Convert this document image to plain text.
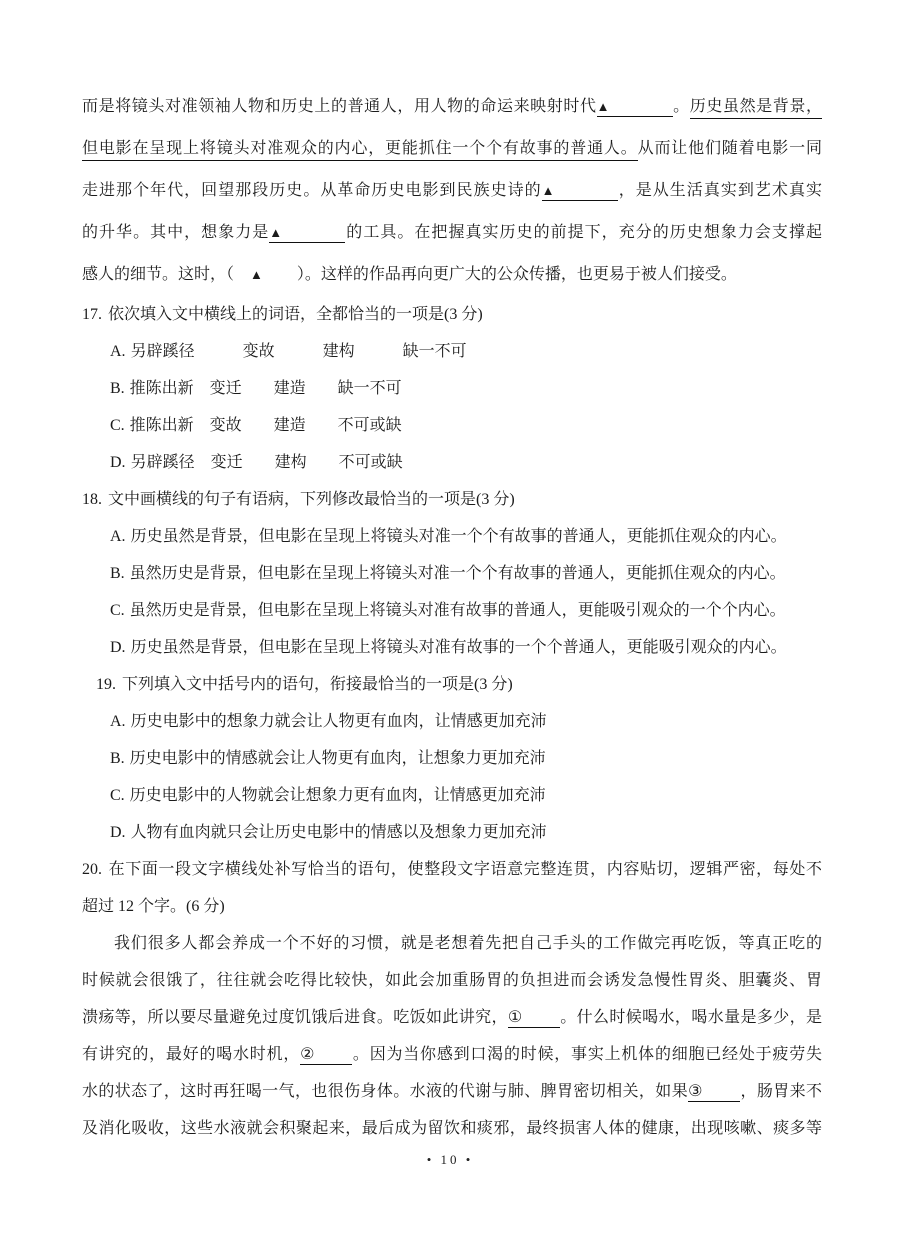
而是将镜头对准领袖人物和历史上的普通人，用人物的命运来映射时代▲	。历史虽然是背景，

但电影在呈现上将镜头对准观众的内心，更能抓住一个个有故事的普通人。从而让他们随着电影一同

走进那个年代，回望那段历史。从革命历史电影到民族史诗的▲	，是从生活真实到艺术真实

的升华。其中，想象力是▲	的工具。在把握真实历史的前提下，充分的历史想象力会支撑起

感人的细节。这时，（ ▲ ）。这样的作品再向更广大的公众传播，也更易于被人们接受。

17. 依次填入文中横线上的词语，全都恰当的一项是(3 分)

A. 另辟蹊径　　　变故　　　建构　　　缺一不可

B. 推陈出新　变迁　　建造　　缺一不可

C. 推陈出新　变故　　建造　　不可或缺

D. 另辟蹊径　变迁　　建构　　不可或缺

18. 文中画横线的句子有语病，下列修改最恰当的一项是(3 分)

A. 历史虽然是背景，但电影在呈现上将镜头对准一个个有故事的普通人，更能抓住观众的内心。

B. 虽然历史是背景，但电影在呈现上将镜头对准一个个有故事的普通人，更能抓住观众的内心。

C. 虽然历史是背景，但电影在呈现上将镜头对准有故事的普通人，更能吸引观众的一个个内心。

D. 历史虽然是背景，但电影在呈现上将镜头对准有故事的一个个普通人，更能吸引观众的内心。

19. 下列填入文中括号内的语句，衔接最恰当的一项是(3 分)

A. 历史电影中的想象力就会让人物更有血肉，让情感更加充沛

B. 历史电影中的情感就会让人物更有血肉，让想象力更加充沛

C. 历史电影中的人物就会让想象力更有血肉，让情感更加充沛

D. 人物有血肉就只会让历史电影中的情感以及想象力更加充沛

20. 在下面一段文字横线处补写恰当的语句，使整段文字语意完整连贯，内容贴切，逻辑严密，每处不

超过 12 个字。(6 分)

我们很多人都会养成一个不好的习惯，就是老想着先把自己手头的工作做完再吃饭，等真正吃的

时候就会很饿了，往往就会吃得比较快，如此会加重肠胃的负担进而会诱发急慢性胃炎、胆囊炎、胃

溃疡等，所以要尽量避免过度饥饿后进食。吃饭如此讲究，① 。什么时候喝水，喝水量是多少，是

有讲究的，最好的喝水时机，② 。因为当你感到口渴的时候，事实上机体的细胞已经处于疲劳失

水的状态了，这时再狂喝一气，也很伤身体。水液的代谢与肺、脾胃密切相关，如果③ ，肠胃来不

及消化吸收，这些水液就会积聚起来，最后成为留饮和痰邪，最终损害人体的健康，出现咳嗽、痰多等

• 10 •
